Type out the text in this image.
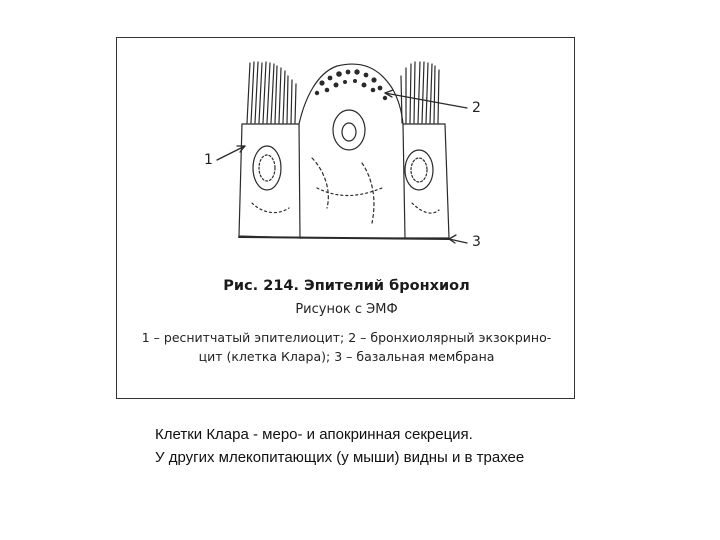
1
2
3
Рис. 214. Эпителий бронхиол
Рисунок с ЭМФ
1 – реснитчатый эпителиоцит; 2 – бронхиолярный экзокрино-
цит (клетка Клара); 3 – базальная мембрана
Клетки Клара - меро- и апокринная секреция.
У других млекопитающих (у мыши) видны и в трахее
